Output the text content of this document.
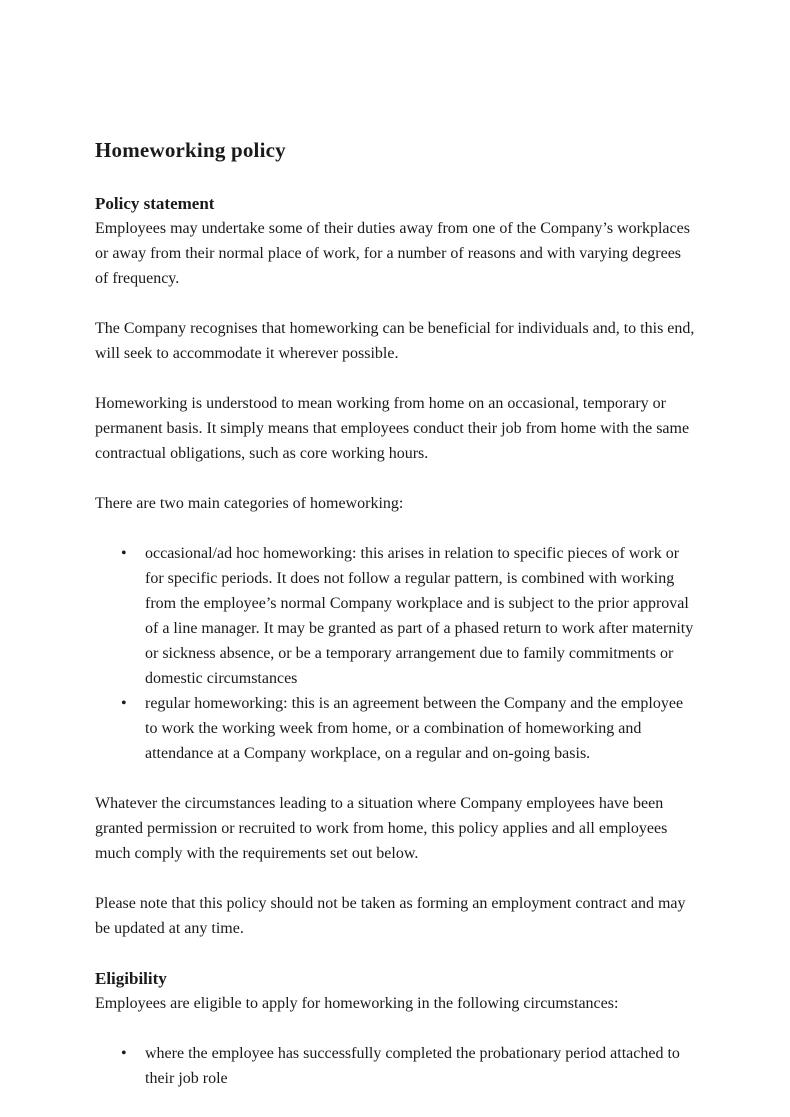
Homeworking policy
Policy statement

Employees may undertake some of their duties away from one of the Company’s workplaces or away from their normal place of work, for a number of reasons and with varying degrees of frequency.

The Company recognises that homeworking can be beneficial for individuals and, to this end, will seek to accommodate it wherever possible.

Homeworking is understood to mean working from home on an occasional, temporary or permanent basis. It simply means that employees conduct their job from home with the same contractual obligations, such as core working hours.

There are two main categories of homeworking:

• occasional/ad hoc homeworking: this arises in relation to specific pieces of work or for specific periods. It does not follow a regular pattern, is combined with working from the employee’s normal Company workplace and is subject to the prior approval of a line manager. It may be granted as part of a phased return to work after maternity or sickness absence, or be a temporary arrangement due to family commitments or domestic circumstances
• regular homeworking: this is an agreement between the Company and the employee to work the working week from home, or a combination of homeworking and attendance at a Company workplace, on a regular and on-going basis.

Whatever the circumstances leading to a situation where Company employees have been granted permission or recruited to work from home, this policy applies and all employees much comply with the requirements set out below.

Please note that this policy should not be taken as forming an employment contract and may be updated at any time.

Eligibility

Employees are eligible to apply for homeworking in the following circumstances:

• where the employee has successfully completed the probationary period attached to their job role
